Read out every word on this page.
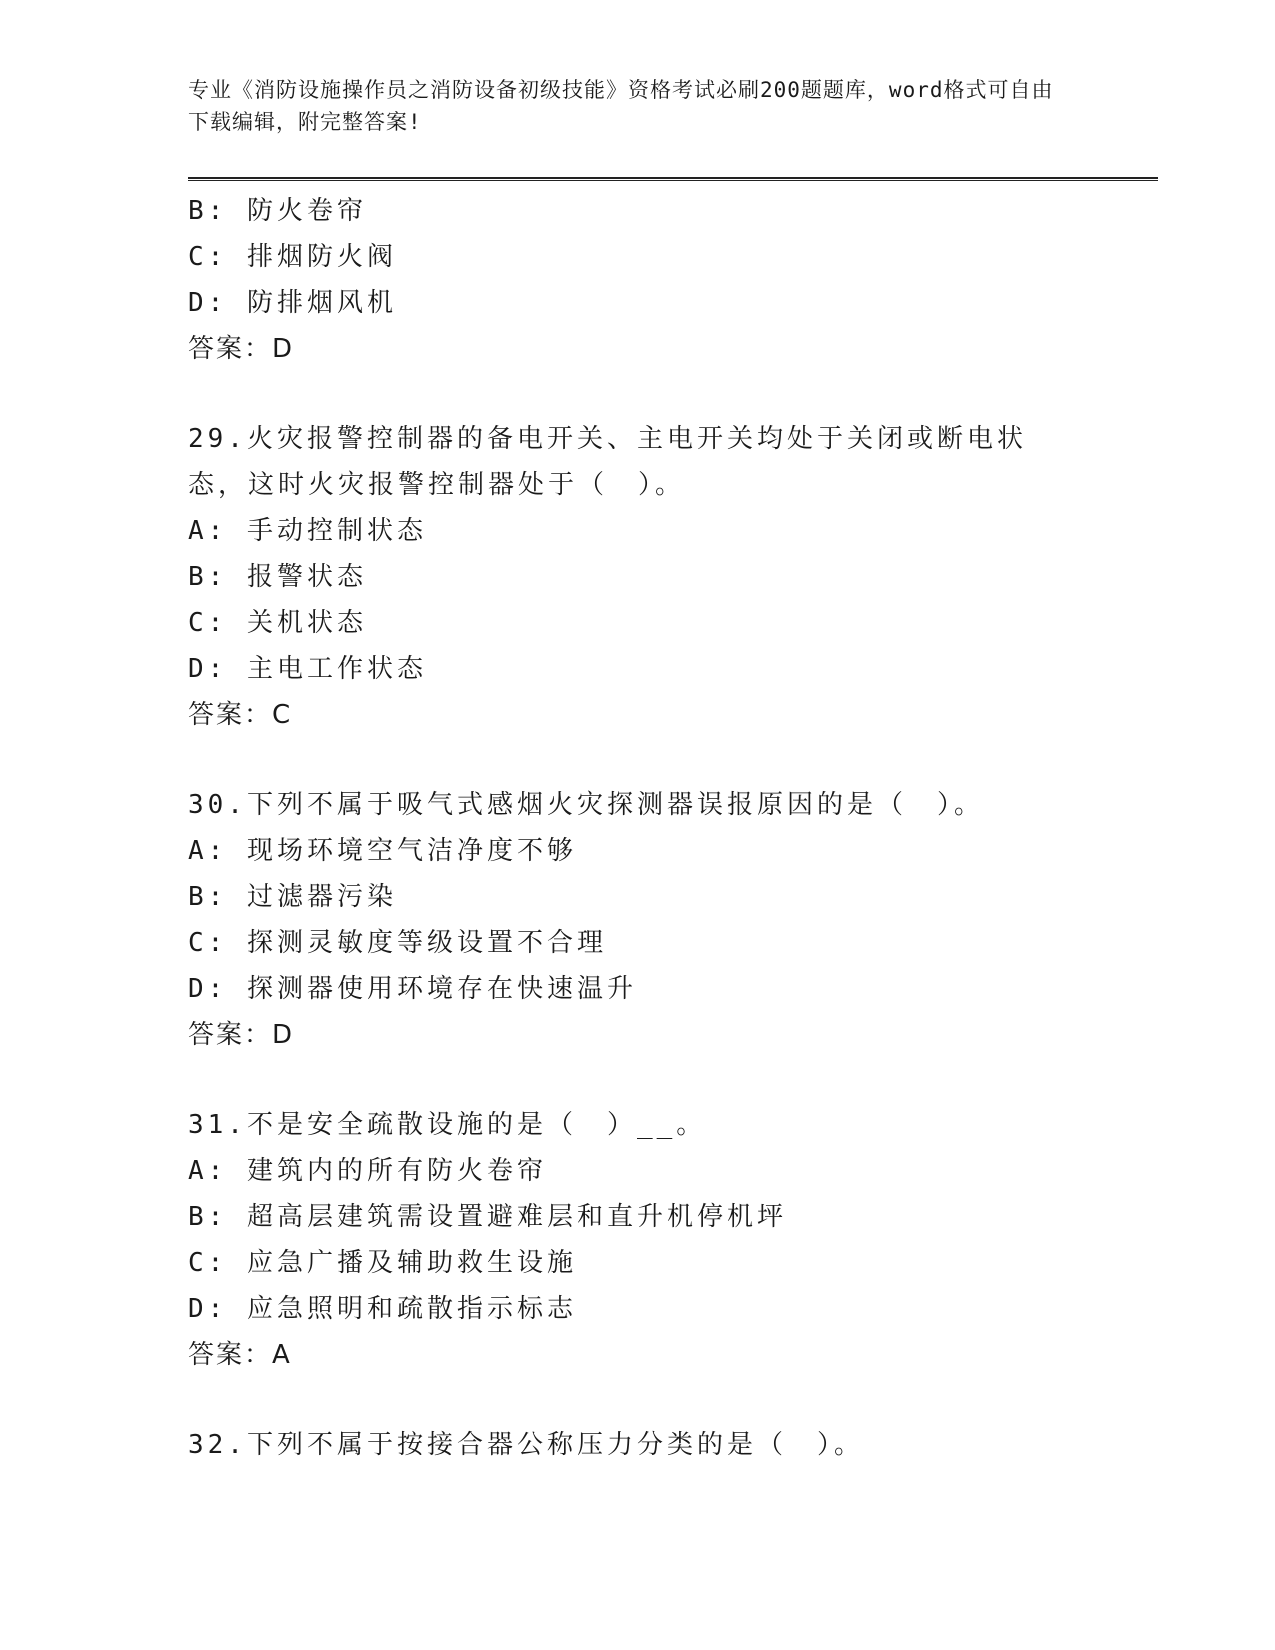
专业《消防设施操作员之消防设备初级技能》资格考试必刷200题题库，word格式可自由下载编辑，附完整答案!
B: 防火卷帘
C: 排烟防火阀
D: 防排烟风机
答案：D
29.火灾报警控制器的备电开关、主电开关均处于关闭或断电状态，这时火灾报警控制器处于（　）。
A: 手动控制状态
B: 报警状态
C: 关机状态
D: 主电工作状态
答案：C
30.下列不属于吸气式感烟火灾探测器误报原因的是（　）。
A: 现场环境空气洁净度不够
B: 过滤器污染
C: 探测灵敏度等级设置不合理
D: 探测器使用环境存在快速温升
答案：D
31.不是安全疏散设施的是（　）__。
A: 建筑内的所有防火卷帘
B: 超高层建筑需设置避难层和直升机停机坪
C: 应急广播及辅助救生设施
D: 应急照明和疏散指示标志
答案：A
32.下列不属于按接合器公称压力分类的是（　）。
